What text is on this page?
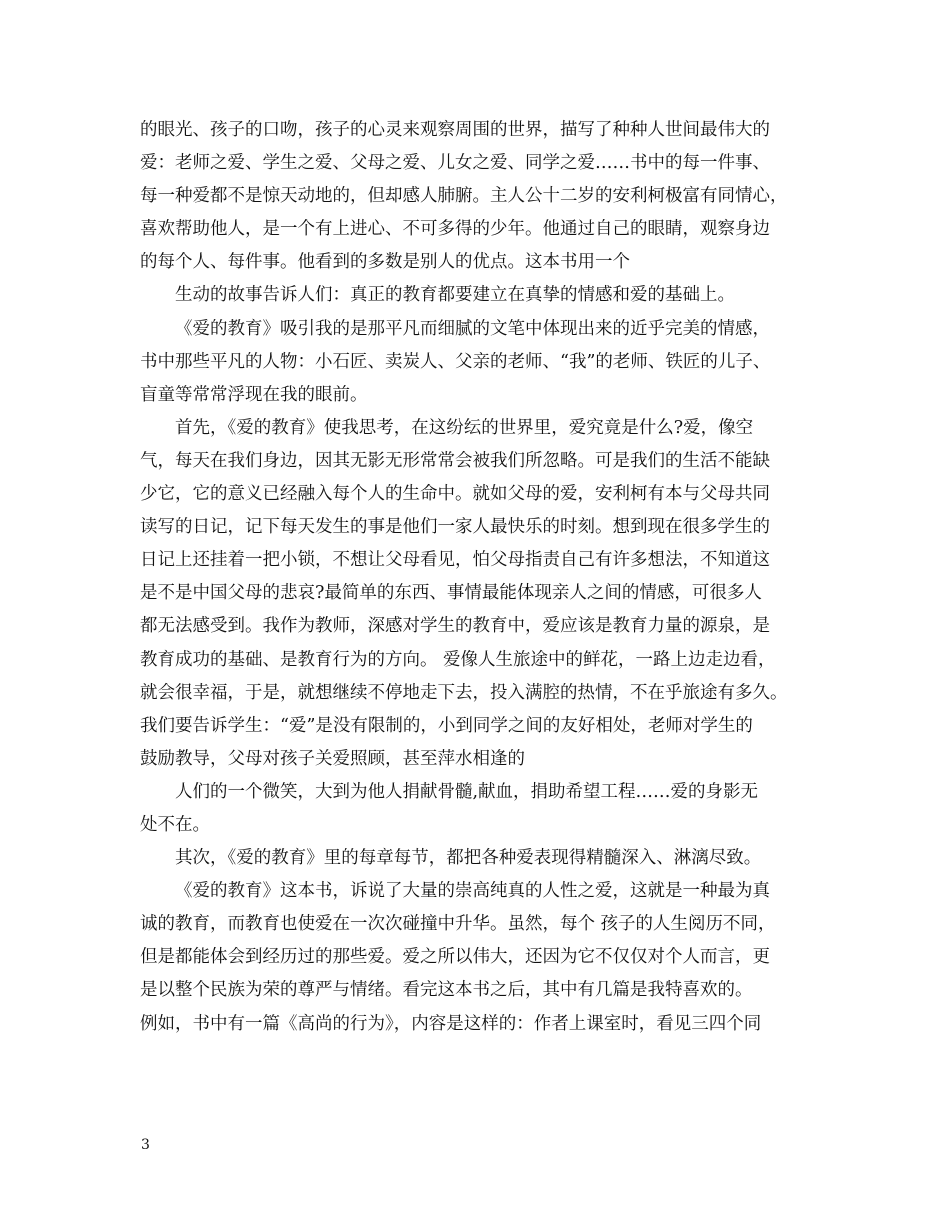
的眼光、孩子的口吻，孩子的心灵来观察周围的世界，描写了种种人世间最伟大的
爱：老师之爱、学生之爱、父母之爱、儿女之爱、同学之爱……书中的每一件事、
每一种爱都不是惊天动地的，但却感人肺腑。主人公十二岁的安利柯极富有同情心，
喜欢帮助他人，是一个有上进心、不可多得的少年。他通过自己的眼睛，观察身边
的每个人、每件事。他看到的多数是别人的优点。这本书用一个
生动的故事告诉人们：真正的教育都要建立在真挚的情感和爱的基础上。
《爱的教育》吸引我的是那平凡而细腻的文笔中体现出来的近乎完美的情感，
书中那些平凡的人物：小石匠、卖炭人、父亲的老师、“我”的老师、铁匠的儿子、
盲童等常常浮现在我的眼前。
首先，《爱的教育》使我思考，在这纷纭的世界里，爱究竟是什么?爱，像空
气，每天在我们身边，因其无影无形常常会被我们所忽略。可是我们的生活不能缺
少它，它的意义已经融入每个人的生命中。就如父母的爱，安利柯有本与父母共同
读写的日记，记下每天发生的事是他们一家人最快乐的时刻。想到现在很多学生的
日记上还挂着一把小锁，不想让父母看见，怕父母指责自己有许多想法，不知道这
是不是中国父母的悲哀?最简单的东西、事情最能体现亲人之间的情感，可很多人
都无法感受到。我作为教师，深感对学生的教育中，爱应该是教育力量的源泉，是
教育成功的基础、是教育行为的方向。 爱像人生旅途中的鲜花，一路上边走边看，
就会很幸福，于是，就想继续不停地走下去，投入满腔的热情，不在乎旅途有多久。
我们要告诉学生：“爱”是没有限制的，小到同学之间的友好相处，老师对学生的
鼓励教导，父母对孩子关爱照顾，甚至萍水相逢的
人们的一个微笑，大到为他人捐献骨髓,献血，捐助希望工程……爱的身影无
处不在。
其次，《爱的教育》里的每章每节，都把各种爱表现得精髓深入、淋漓尽致。
《爱的教育》这本书，诉说了大量的崇高纯真的人性之爱，这就是一种最为真
诚的教育，而教育也使爱在一次次碰撞中升华。虽然，每个 孩子的人生阅历不同，
但是都能体会到经历过的那些爱。爱之所以伟大，还因为它不仅仅对个人而言，更
是以整个民族为荣的尊严与情绪。看完这本书之后，其中有几篇是我特喜欢的。
例如，书中有一篇《高尚的行为》，内容是这样的：作者上课室时，看见三四个同
3
